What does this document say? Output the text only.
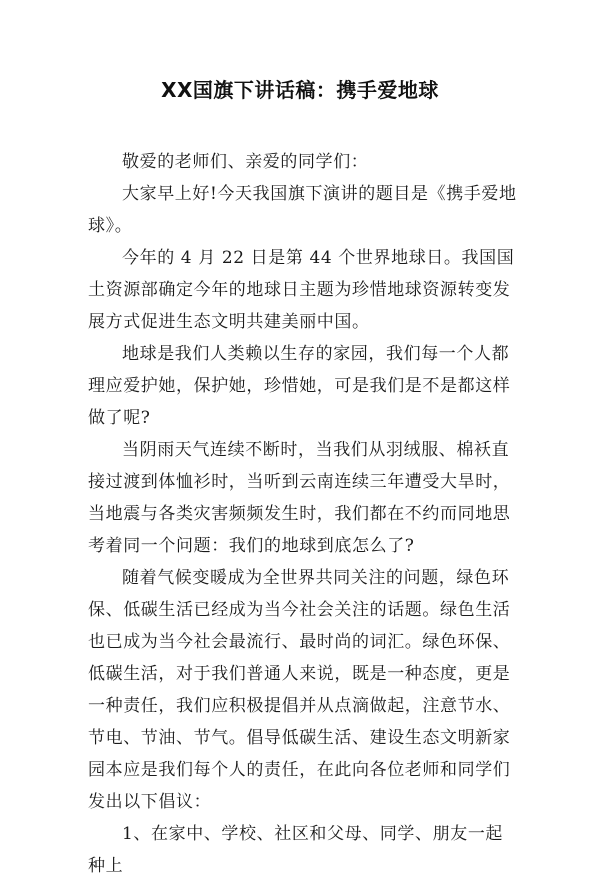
XX国旗下讲话稿：携手爱地球

敬爱的老师们、亲爱的同学们：

大家早上好!今天我国旗下演讲的题目是《携手爱地球》。

今年的 4 月 22 日是第 44 个世界地球日。我国国土资源部确定今年的地球日主题为珍惜地球资源转变发展方式促进生态文明共建美丽中国。

地球是我们人类赖以生存的家园，我们每一个人都理应爱护她，保护她，珍惜她，可是我们是不是都这样做了呢?

当阴雨天气连续不断时，当我们从羽绒服、棉袄直接过渡到体恤衫时，当听到云南连续三年遭受大旱时，当地震与各类灾害频频发生时，我们都在不约而同地思考着同一个问题：我们的地球到底怎么了?

随着气候变暖成为全世界共同关注的问题，绿色环保、低碳生活已经成为当今社会关注的话题。绿色生活也已成为当今社会最流行、最时尚的词汇。绿色环保、低碳生活，对于我们普通人来说，既是一种态度，更是一种责任，我们应积极提倡并从点滴做起，注意节水、节电、节油、节气。倡导低碳生活、建设生态文明新家园本应是我们每个人的责任，在此向各位老师和同学们发出以下倡议：

1、在家中、学校、社区和父母、同学、朋友一起种上
